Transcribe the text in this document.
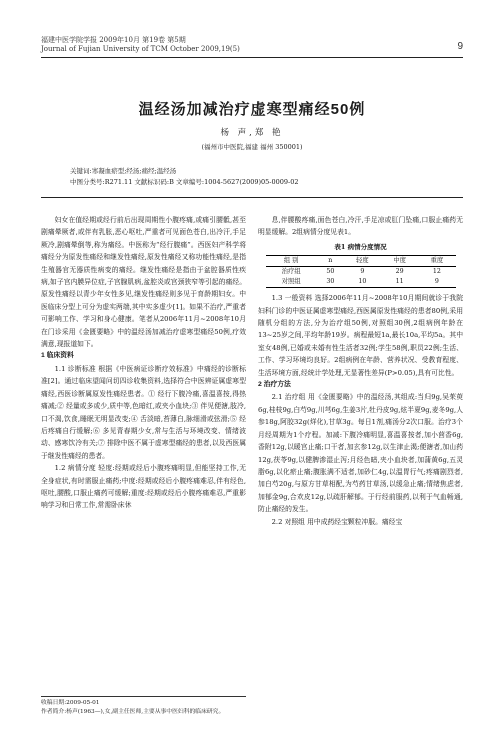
福建中医学院学报 2009年10月 第19卷 第5期
Journal of Fujian University of TCM October 2009,19(5)	9
温经汤加减治疗虚寒型痛经50例
杨 声,郑 艳
(福州市中医院,福建 福州 350001)
关键词:寒凝血瘀型;经汤;痛经;温经汤
中图分类号:R271.11 文献标识码:B 文章编号:1004-5627(2009)05-0009-02

妇女在值经期或经行前后出现周期性小腹疼痛,或痛引腰骶,甚至剧痛晕厥者,或伴有乳胀,恶心呕吐,严重者可见面色苍白,出冷汗,手足厥冷,剧痛晕倒等,称为痛经。中医称为“经行腹痛”。西医妇产科学将痛经分为原发性痛经和继发性痛经,原发性痛经又称功能性痛经,是指生殖器官无器质性病变的痛经。继发性痛经是指由于盆腔器质性疾病,如子宫内膜异位症,子宫腺肌病,盆腔炎或宫颈狭窄等引起的痛经。原发性痛经以青少年女性多见,继发性痛经则多见于育龄期妇女。中医临床分型上可分为虚实两端,其中实多虚少[1]。如果不治疗,严重者可影响工作、学习和身心健康。笔者从2006年11月~2008年10月在门诊采用《金匮要略》中的温经汤加减治疗虚寒型痛经50例,疗效满意,现报道如下。

1 临床资料

1.1 诊断标准 根据《中医病证诊断疗效标准》中痛经的诊断标准[2]。通过临床望闻问切四诊收集资料,选择符合中医辨证属虚寒型痛经,西医诊断属原发性痛经患者。① 经行下腹冷痛,喜温喜按,得热痛减;② 经量或多或少,质中等,色暗红,或夹小血块;③ 伴见便溏,肢冷,口不渴,饮食,睡眠无明显改变;④ 舌淡暗,苔薄白,脉细滑或弦滑;⑤ 经后疼痛自行缓解;⑥ 多见青春期少女,常与生活与环境改变、情绪波动、感寒饮冷有关;⑦ 排除中医不属于虚寒型痛经的患者,以及西医属于继发性痛经的患者。

1.2 病情分度 轻度:经期或经后小腹疼痛明显,但能坚持工作,无全身症状,有时需服止痛药;中度:经期或经后小腹疼痛难忍,伴有经色,呕吐,腰酸,口服止痛药可缓解;重度:经期或经后小腹疼痛难忍,严重影响学习和日常工作,常需卧床休

息,伴腰酸疼痛,面色苍白,冷汗,手足凉或肛门坠痛,口服止痛药无明显缓解。2组病情分度见表1。

表1 病情分度情况
组 别	n	轻度	中度	重度
治疗组	50	9	29	12
对照组	30	10	11	9

1.3 一般资料 选择2006年11月~2008年10月期间就诊于我院妇科门诊的中医证属虚寒型痛经,西医属原发性痛经的患者80例,采用随机分组的方法,分为治疗组50例,对照组30例,2组病例年龄在13~25岁之间,平均年龄19岁。病程最短1a,最长10a,平均5a。其中室女48例,已婚或未婚有性生活者32例;学生58例,职员22例;生活、工作、学习环境均良好。2组病例在年龄、营养状况、受教育程度、生活环境方面,经统计学处理,无显著性差异(P>0.05),具有可比性。

2 治疗方法

2.1 治疗组 用《金匮要略》中的温经汤,其组成:当归9g,吴茱萸6g,桂枝9g,白芍9g,川芎6g,生姜3片,牡丹皮9g,炫半夏9g,麦冬9g,人参18g,阿胶32g(烊化),甘草3g。每日1剂,痛汤分2次口服。治疗3个月经周期为1个疗程。加减:下腹冷痛明显,喜温喜按者,加小茴香6g,香附12g,以暖宫止痛;口干者,加玄参12g,以生津止渴;便溏者,加山药12g,茯苓9g,以健脾渗湿止泻;月经色暗,夹小血块者,加蒲黄6g,五灵脂6g,以化瘀止痛;腹胀满不适者,加砂仁4g,以温胃行气;疼痛剧烈者,加白芍20g,与原方甘草相配,为芍药甘草汤,以缓急止痛;情绪焦虑者,加郁金9g,合欢皮12g,以疏肝解郁。于行经前服药,以利于气血畅通,防止痛经的发生。

2.2 对照组 用中成药经宝颗粒冲服。痛经宝

收稿日期:2009-05-01
作者简介:杨声(1963—),女,副主任医师,主要从事中医妇科的临床研究。
